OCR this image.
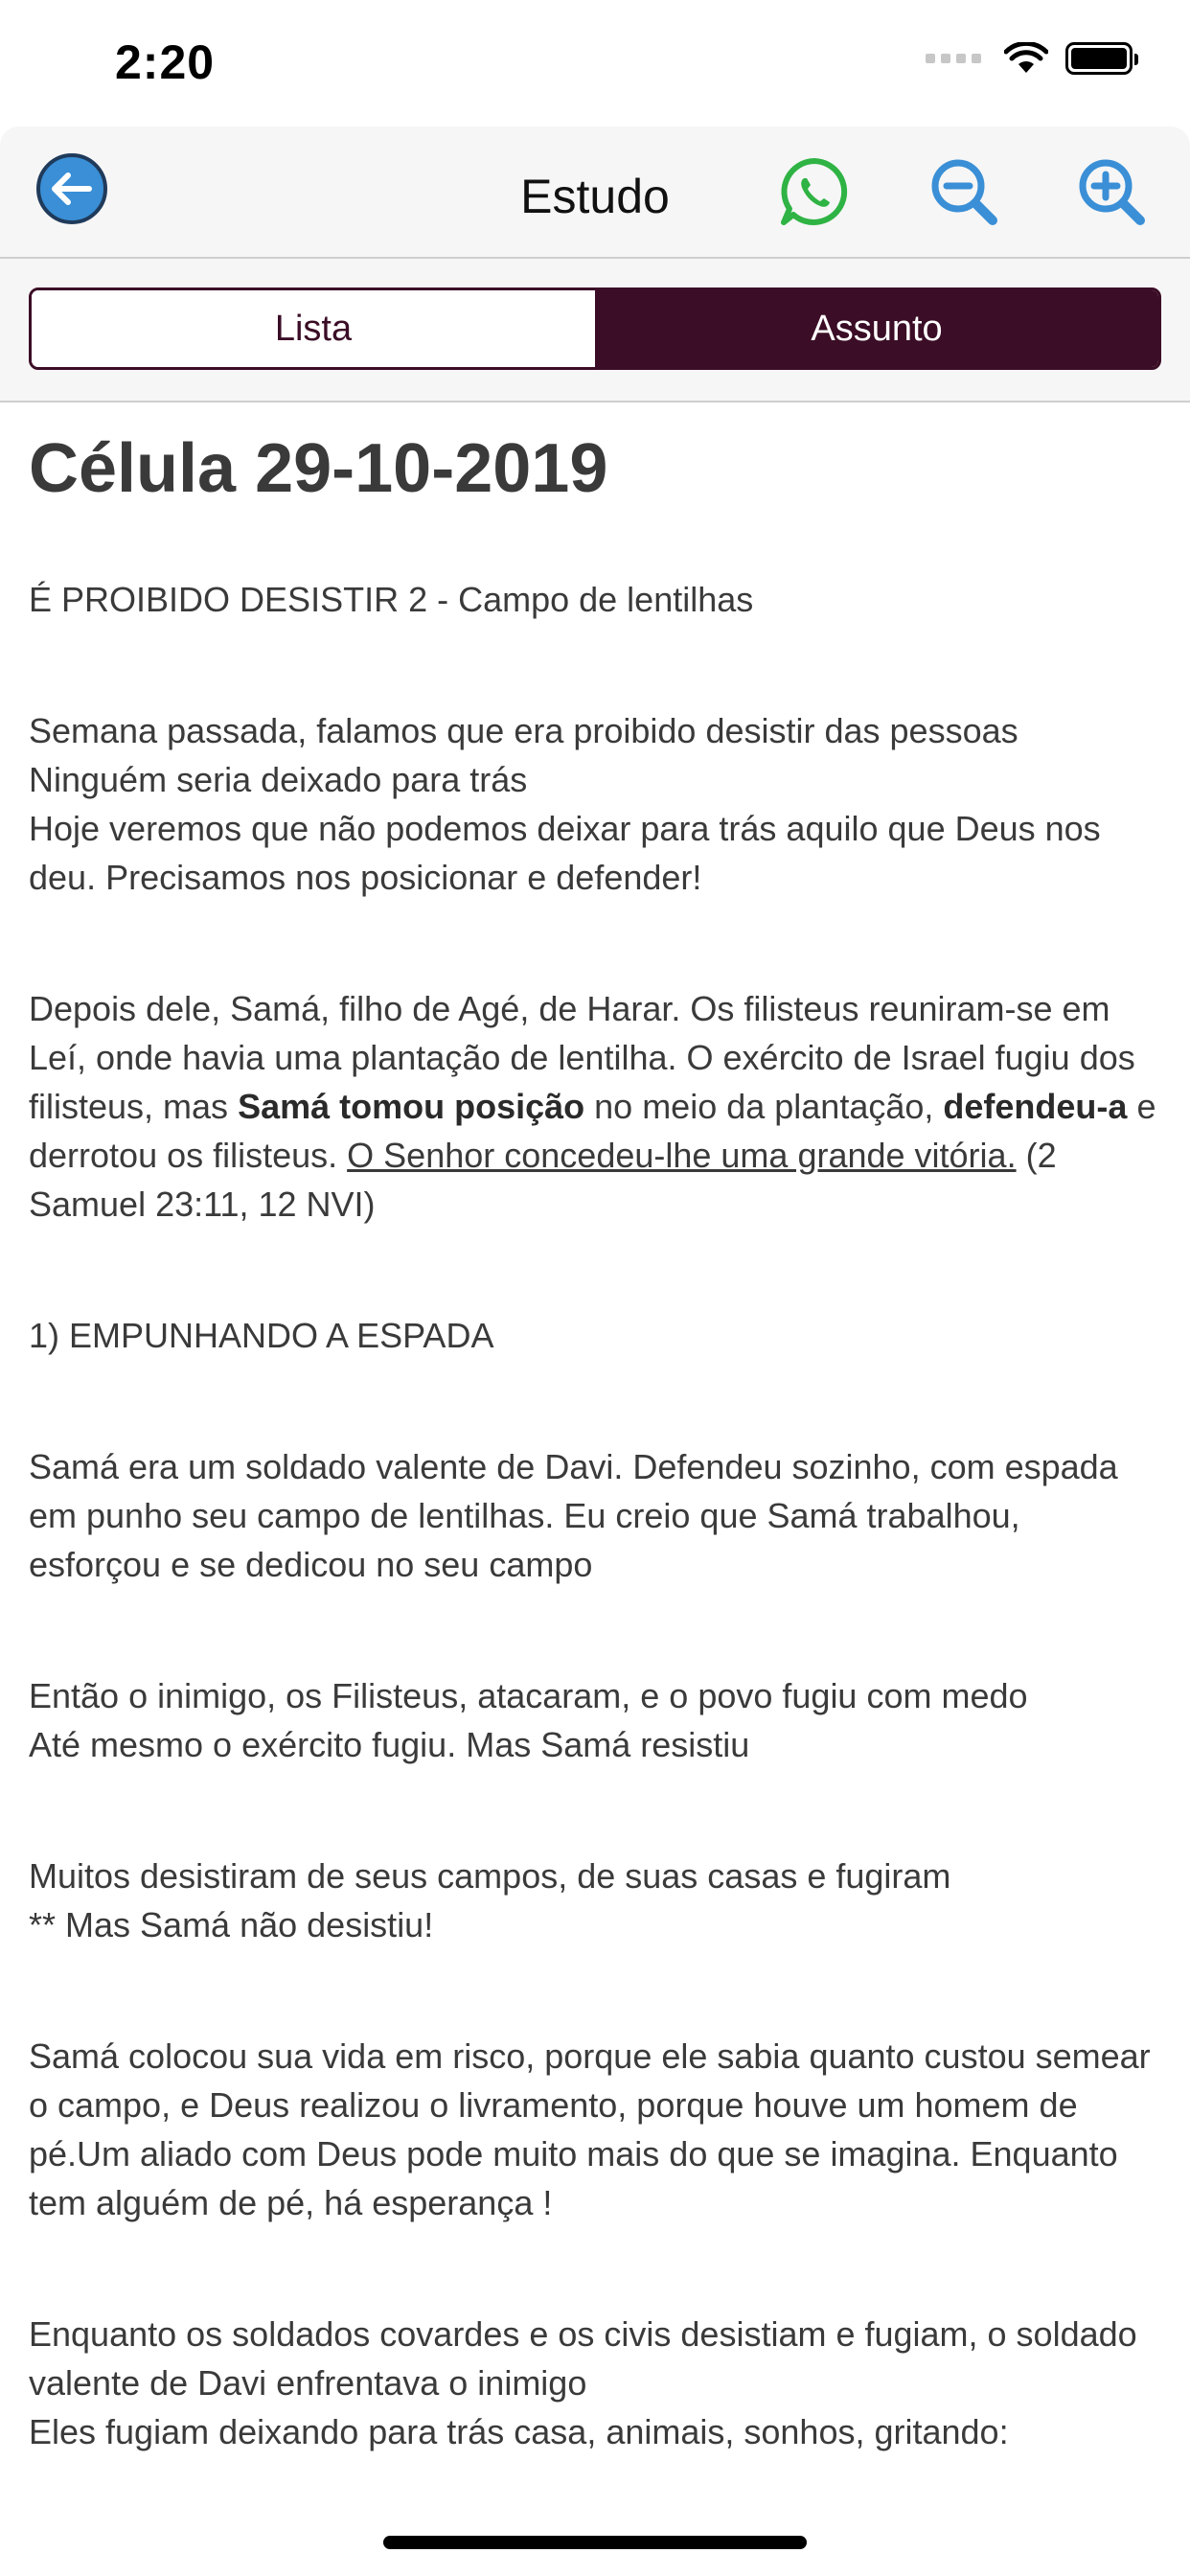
2:20
Estudo
Lista	Assunto
Célula 29-10-2019

É PROIBIDO DESISTIR 2 - Campo de lentilhas

Semana passada, falamos que era proibido desistir das pessoas
Ninguém seria deixado para trás
Hoje veremos que não podemos deixar para trás aquilo que Deus nos deu. Precisamos nos posicionar e defender!

Depois dele, Samá, filho de Agé, de Harar. Os filisteus reuniram-se em Leí, onde havia uma plantação de lentilha. O exército de Israel fugiu dos filisteus, mas Samá tomou posição no meio da plantação, defendeu-a e derrotou os filisteus. O Senhor concedeu-lhe uma grande vitória. (2 Samuel 23:11, 12 NVI)

1) EMPUNHANDO A ESPADA

Samá era um soldado valente de Davi. Defendeu sozinho, com espada em punho seu campo de lentilhas. Eu creio que Samá trabalhou, esforçou e se dedicou no seu campo

Então o inimigo, os Filisteus, atacaram, e o povo fugiu com medo
Até mesmo o exército fugiu. Mas Samá resistiu

Muitos desistiram de seus campos, de suas casas e fugiram
** Mas Samá não desistiu!

Samá colocou sua vida em risco, porque ele sabia quanto custou semear o campo, e Deus realizou o livramento, porque houve um homem de pé.Um aliado com Deus pode muito mais do que se imagina. Enquanto tem alguém de pé, há esperança !

Enquanto os soldados covardes e os civis desistiam e fugiam, o soldado valente de Davi enfrentava o inimigo
Eles fugiam deixando para trás casa, animais, sonhos, gritando:
